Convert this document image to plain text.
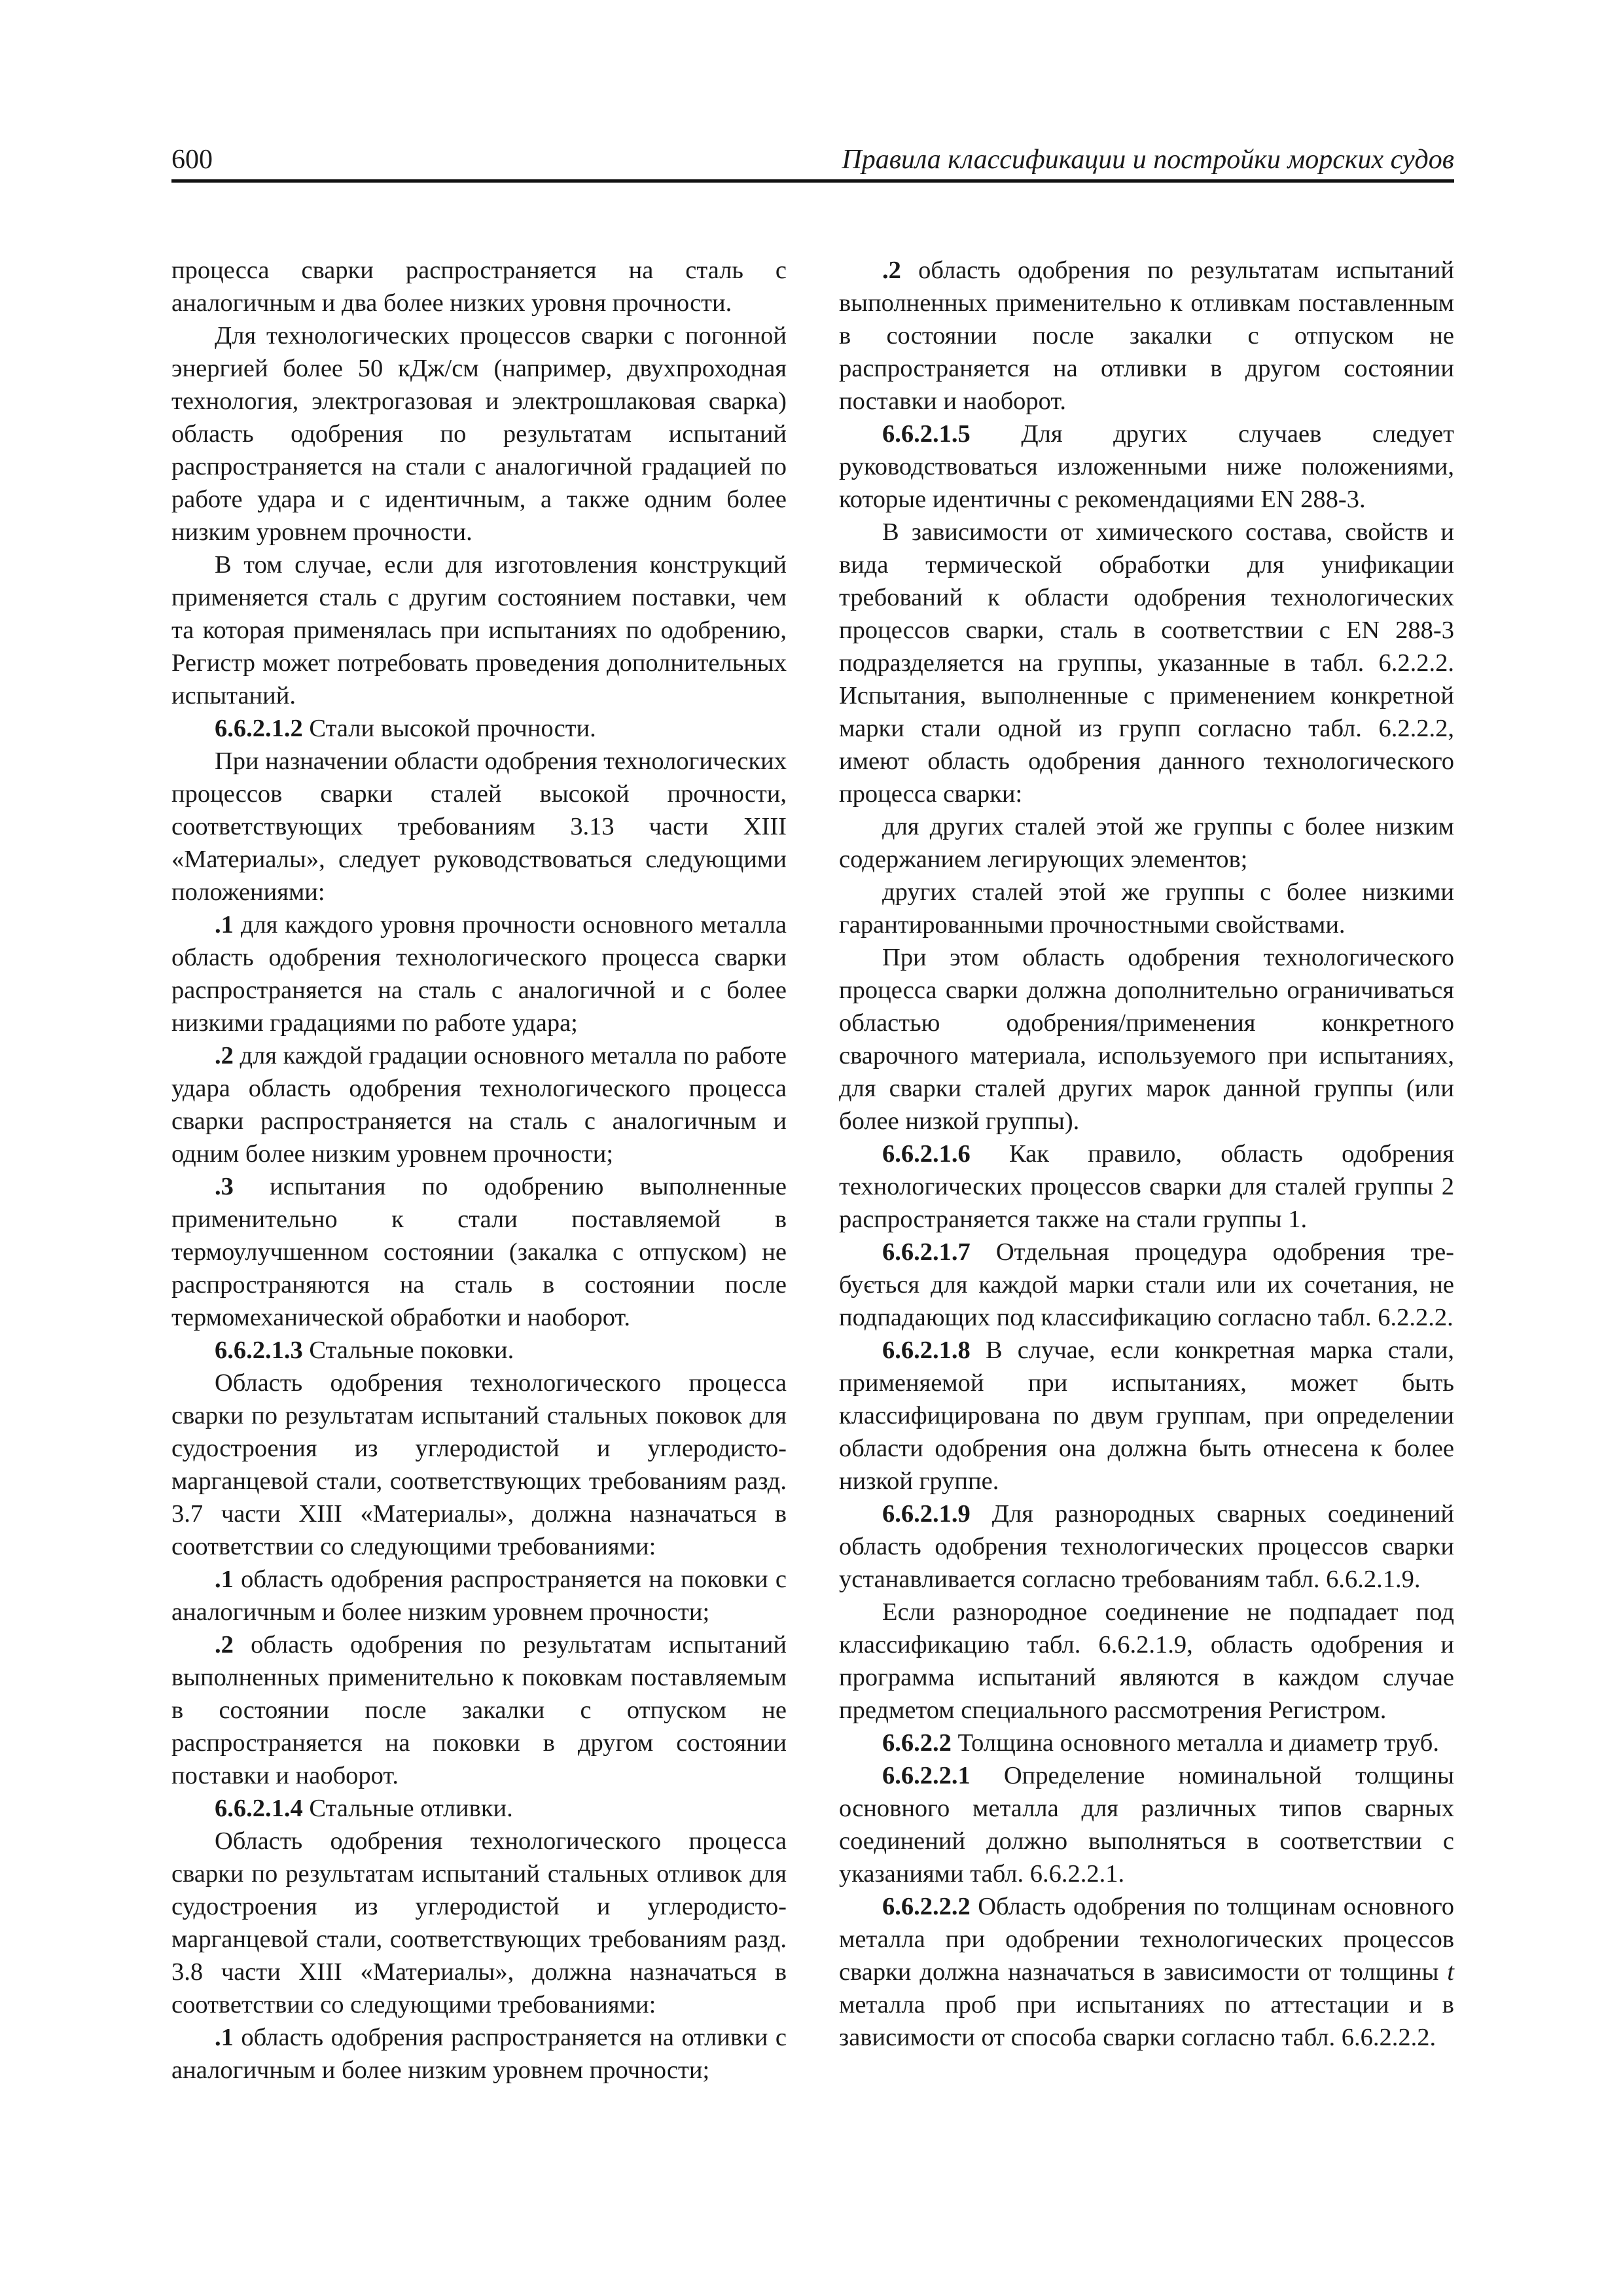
600	Правила классификации и постройки морских судов

процесса сварки распространяется на сталь с аналогичным и два более низких уровня прочности.

Для технологических процессов сварки с погонной энергией более 50 кДж/см (например, двухпроходная технология, электрогазовая и электрошлаковая сварка) область одобрения по результатам испытаний распространяется на стали с аналогичной градацией по работе удара и с идентичным, а также одним более низким уровнем прочности.

В том случае, если для изготовления конструкций применяется сталь с другим состоянием поставки, чем та которая применялась при испытаниях по одобрению, Регистр может потребовать проведения дополнительных испытаний.

6.6.2.1.2 Стали высокой прочности.

При назначении области одобрения технологических процессов сварки сталей высокой прочности, соответствующих требованиям 3.13 части XIII «Материалы», следует руководствоваться следующими положениями:

.1 для каждого уровня прочности основного металла область одобрения технологического процесса сварки распространяется на сталь с аналогичной и с более низкими градациями по работе удара;

.2 для каждой градации основного металла по работе удара область одобрения технологического процесса сварки распространяется на сталь с аналогичным и одним более низким уровнем прочности;

.3 испытания по одобрению выполненные применительно к стали поставляемой в термоулучшенном состоянии (закалка с отпуском) не распространяются на сталь в состоянии после термомеханической обработки и наоборот.

6.6.2.1.3 Стальные поковки.

Область одобрения технологического процесса сварки по результатам испытаний стальных поковок для судостроения из углеродистой и углеродисто-марганцевой стали, соответствующих требованиям разд. 3.7 части XIII «Материалы», должна назначаться в соответствии со следующими требованиями:

.1 область одобрения распространяется на поковки с аналогичным и более низким уровнем прочности;

.2 область одобрения по результатам испытаний выполненных применительно к поковкам поставляемым в состоянии после закалки с отпуском не распространяется на поковки в другом состоянии поставки и наоборот.

6.6.2.1.4 Стальные отливки.

Область одобрения технологического процесса сварки по результатам испытаний стальных отливок для судостроения из углеродистой и углеродисто-марганцевой стали, соответствующих требованиям разд. 3.8 части XIII «Материалы», должна назначаться в соответствии со следующими требованиями:

.1 область одобрения распространяется на отливки с аналогичным и более низким уровнем прочности;

.2 область одобрения по результатам испытаний выполненных применительно к отливкам поставленным в состоянии после закалки с отпуском не распространяется на отливки в другом состоянии поставки и наоборот.

6.6.2.1.5 Для других случаев следует руководствоваться изложенными ниже положениями, которые идентичны с рекомендациями EN 288-3.

В зависимости от химического состава, свойств и вида термической обработки для унификации требований к области одобрения технологических процессов сварки, сталь в соответствии с EN 288-3 подразделяется на группы, указанные в табл. 6.2.2.2. Испытания, выполненные с применением конкретной марки стали одной из групп согласно табл. 6.2.2.2, имеют область одобрения данного технологического процесса сварки:

для других сталей этой же группы с более низким содержанием легирующих элементов;

других сталей этой же группы с более низкими гарантированными прочностными свойствами.

При этом область одобрения технологического процесса сварки должна дополнительно ограничиваться областью одобрения/применения конкретного сварочного материала, используемого при испытаниях, для сварки сталей других марок данной группы (или более низкой группы).

6.6.2.1.6 Как правило, область одобрения технологических процессов сварки для сталей группы 2 распространяется также на стали группы 1.

6.6.2.1.7 Отдельная процедура одобрения тре-бується для каждой марки стали или их сочетания, не подпадающих под классификацию согласно табл. 6.2.2.2.

6.6.2.1.8 В случае, если конкретная марка стали, применяемой при испытаниях, может быть классифицирована по двум группам, при определении области одобрения она должна быть отнесена к более низкой группе.

6.6.2.1.9 Для разнородных сварных соединений область одобрения технологических процессов сварки устанавливается согласно требованиям табл. 6.6.2.1.9.

Если разнородное соединение не подпадает под классификацию табл. 6.6.2.1.9, область одобрения и программа испытаний являются в каждом случае предметом специального рассмотрения Регистром.

6.6.2.2 Толщина основного металла и диаметр труб.

6.6.2.2.1 Определение номинальной толщины основного металла для различных типов сварных соединений должно выполняться в соответствии с указаниями табл. 6.6.2.2.1.

6.6.2.2.2 Область одобрения по толщинам основного металла при одобрении технологических процессов сварки должна назначаться в зависимости от толщины t металла проб при испытаниях по аттестации и в зависимости от способа сварки согласно табл. 6.6.2.2.2.
